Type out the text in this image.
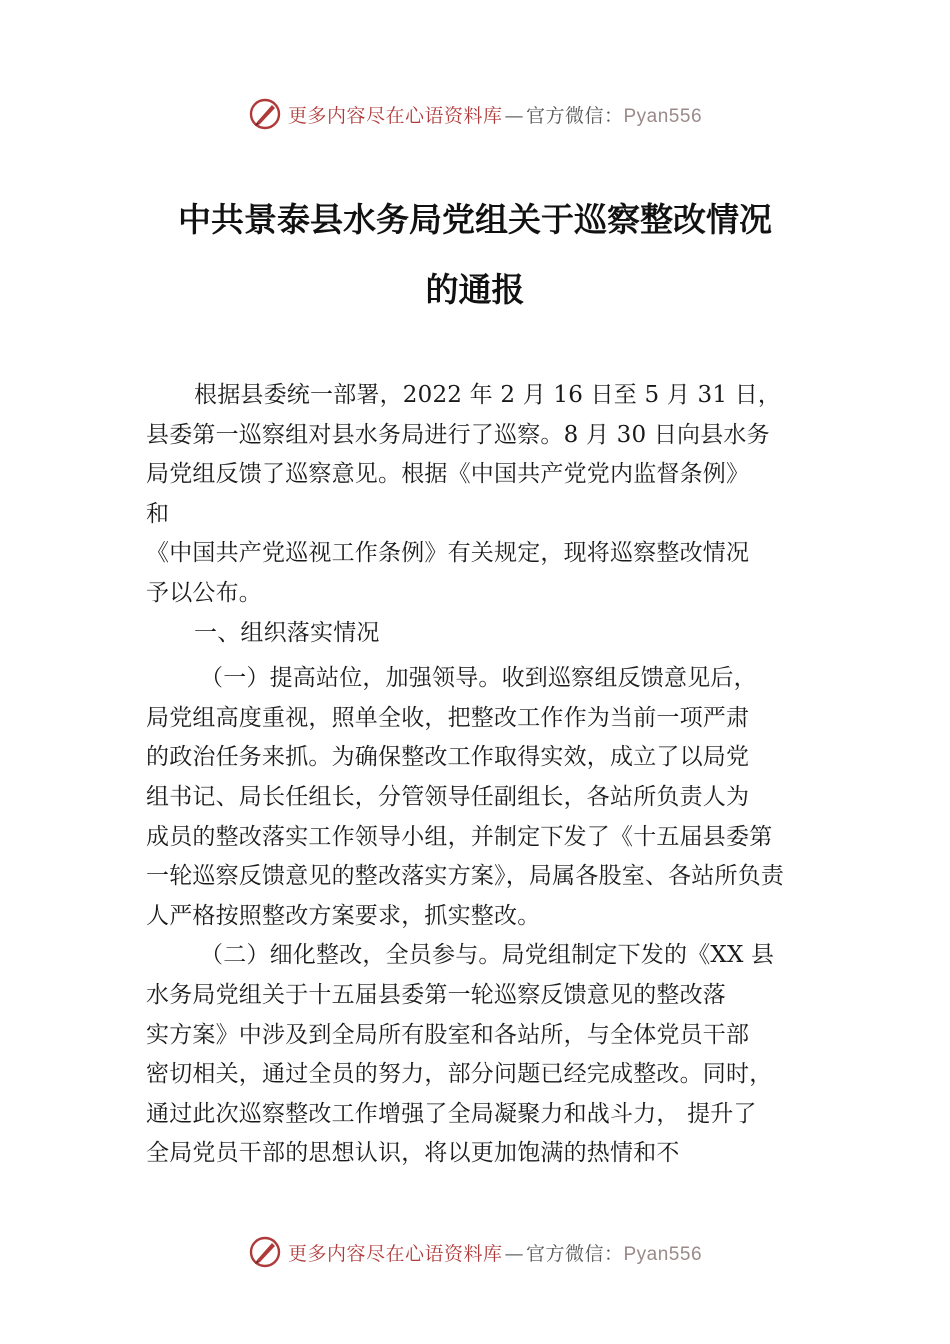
更多内容尽在心语资料库 — 官方微信：Pyan556
中共景泰县水务局党组关于巡察整改情况
的通报
根据县委统一部署，2022 年 2 月 16 日至 5 月 31 日，
县委第一巡察组对县水务局进行了巡察。8 月 30 日向县水务
局党组反馈了巡察意见。根据《中国共产党党内监督条例》
和
《中国共产党巡视工作条例》有关规定，现将巡察整改情况
予以公布。
一、组织落实情况
（一）提高站位，加强领导。收到巡察组反馈意见后，
局党组高度重视，照单全收，把整改工作作为当前一项严肃
的政治任务来抓。为确保整改工作取得实效，成立了以局党
组书记、局长任组长，分管领导任副组长，各站所负责人为
成员的整改落实工作领导小组，并制定下发了《十五届县委第
一轮巡察反馈意见的整改落实方案》，局属各股室、各站所负责
人严格按照整改方案要求，抓实整改。
（二）细化整改，全员参与。局党组制定下发的《XX 县
水务局党组关于十五届县委第一轮巡察反馈意见的整改落
实方案》中涉及到全局所有股室和各站所，与全体党员干部
密切相关，通过全员的努力，部分问题已经完成整改。同时，
通过此次巡察整改工作增强了全局凝聚力和战斗力， 提升了
全局党员干部的思想认识，将以更加饱满的热情和不
更多内容尽在心语资料库 — 官方微信：Pyan556
